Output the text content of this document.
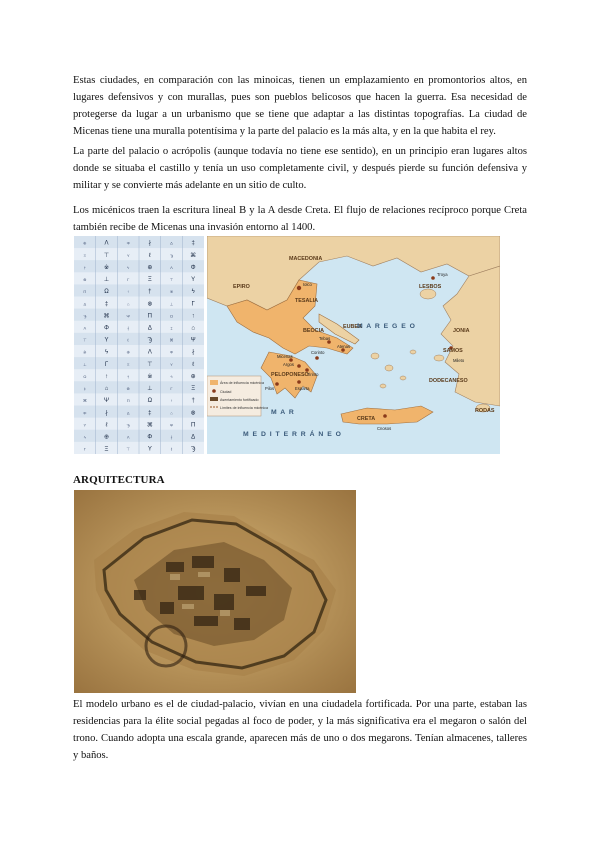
Estas ciudades, en comparación con las minoicas, tienen un emplazamiento en promontorios altos, en lugares defensivos y con murallas, pues son pueblos belicosos que hacen la guerra. Esa necesidad de protegerse da lugar a un urbanismo que se tiene que adaptar a las distintas topografías. La ciudad de Micenas tiene una muralla potentísima y la parte del palacio es la más alta, y en la que habita el rey.

La parte del palacio o acrópolis (aunque todavía no tiene ese sentido), en un principio eran lugares altos donde se situaba el castillo y tenía un uso completamente civil, y después pierde su función defensiva y militar y se convierte más adelante en un sitio de culto.

Los micénicos traen la escritura lineal B y la A desde Creta. El flujo de relaciones recíproco porque Creta también recibe de Micenas una invasión entorno al 1400.

⊕	Λ	Φ	∤	Δ	‡
Ξ	⊤	Υ	ℓ	Ϡ	⌘
†	※	ϟ	⊕	Λ	Φ
⊗	⊥	Γ	Ξ	⊤	Υ
Π	Ω	↑	†	※	ϟ
Δ	‡	⌂	⊗	⊥	Γ
Ϡ	⌘	Ψ	Π	Ω	↑
Λ	Φ	∤	Δ	‡	⌂
⊤	Υ	ℓ	Ϡ	⌘	Ψ
※	ϟ	⊕	Λ	Φ	∤
⊥	Γ	Ξ	⊤	Υ	ℓ
Ω	↑	†	※	ϟ	⊕
‡	⌂	⊗	⊥	Γ	Ξ
⌘	Ψ	Π	Ω	↑	†
Φ	∤	Δ	‡	⌂	⊗
Υ	ℓ	Ϡ	⌘	Ψ	Π
ϟ	⊕	Λ	Φ	∤	Δ
Γ	Ξ	⊤	Υ	ℓ	Ϡ
Área de influencia micénica
Ciudad
Asentamiento fortificado
Límites de influencia micénica
MACEDONIA
EPIRO
TESALIA
BEOCIA
EUBEA
LESBOS
JONIA
SAMOS
PELOPONESO
CRETA
RODAS
DODECANESO
M A R E G E O
M A R
M E D I T E R R Á N E O
Troya
Micenas
Argos
Tirinto
Pilos
Tebas
Atenas
Iolco
Mileto
Cnosos
Esparta
Corinto
ARQUITECTURA

El modelo urbano es el de ciudad-palacio, vivían en una ciudadela fortificada. Por una parte, estaban las residencias para la élite social pegadas al foco de poder, y la más significativa era el megaron o salón del trono. Cuando adopta una escala grande, aparecen más de uno o dos megarons. Tenían almacenes, talleres y baños.
